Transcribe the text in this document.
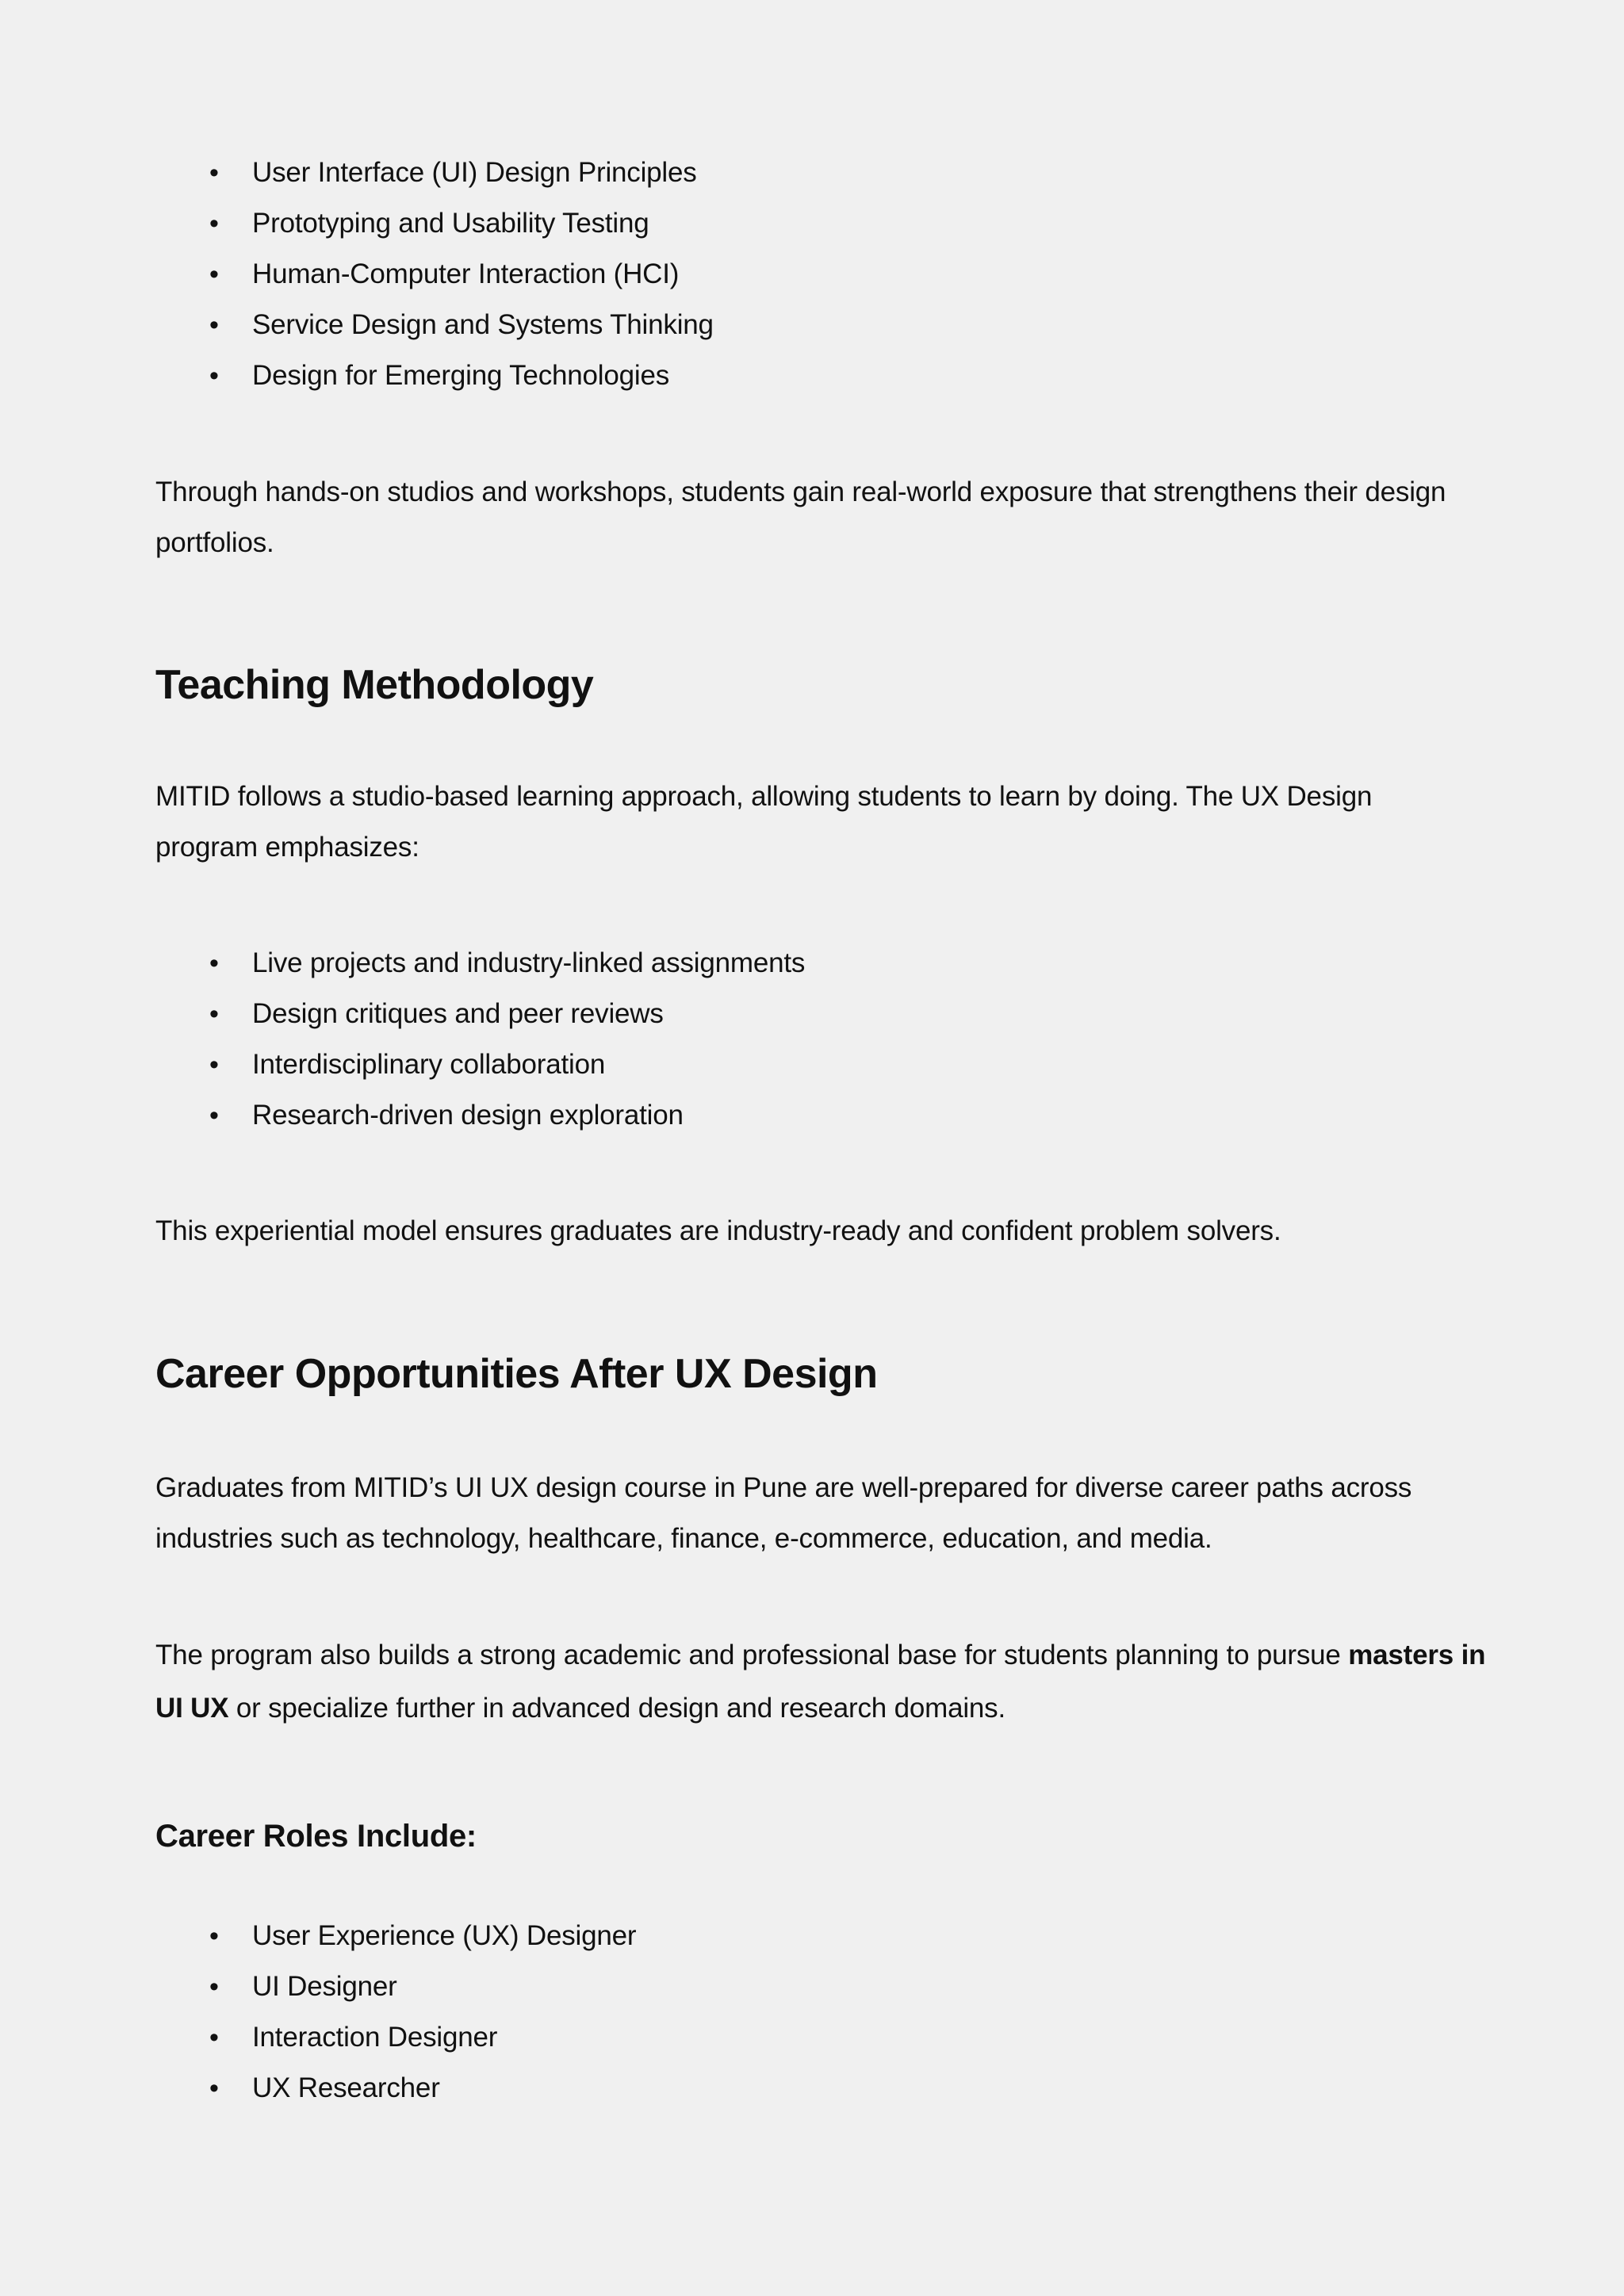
• User Interface (UI) Design Principles
• Prototyping and Usability Testing
• Human-Computer Interaction (HCI)
• Service Design and Systems Thinking
• Design for Emerging Technologies

Through hands-on studios and workshops, students gain real-world exposure that strengthens their design portfolios.

Teaching Methodology

MITID follows a studio-based learning approach, allowing students to learn by doing. The UX Design program emphasizes:

• Live projects and industry-linked assignments
• Design critiques and peer reviews
• Interdisciplinary collaboration
• Research-driven design exploration

This experiential model ensures graduates are industry-ready and confident problem solvers.

Career Opportunities After UX Design

Graduates from MITID’s UI UX design course in Pune are well-prepared for diverse career paths across industries such as technology, healthcare, finance, e-commerce, education, and media.

The program also builds a strong academic and professional base for students planning to pursue masters in UI UX or specialize further in advanced design and research domains.

Career Roles Include:
• User Experience (UX) Designer
• UI Designer
• Interaction Designer
• UX Researcher
